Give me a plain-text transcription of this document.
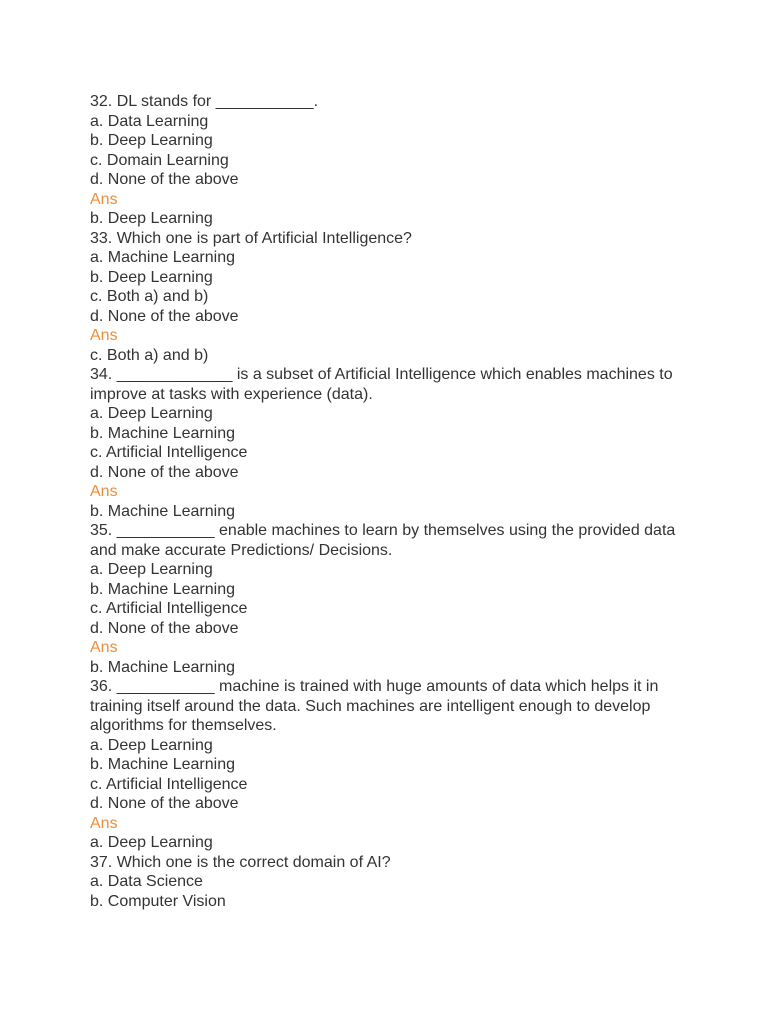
32. DL stands for ___________.

a. Data Learning

b. Deep Learning

c. Domain Learning

d. None of the above

Ans

b. Deep Learning

33. Which one is part of Artificial Intelligence?

a. Machine Learning

b. Deep Learning

c. Both a) and b)

d. None of the above

Ans

c. Both a) and b)

34. _____________ is a subset of Artificial Intelligence which enables machines to improve at tasks with experience (data).

a. Deep Learning

b. Machine Learning

c. Artificial Intelligence

d. None of the above

Ans

b. Machine Learning

35. ___________ enable machines to learn by themselves using the provided data and make accurate Predictions/ Decisions.

a. Deep Learning

b. Machine Learning

c. Artificial Intelligence

d. None of the above

Ans

b. Machine Learning

36. ___________ machine is trained with huge amounts of data which helps it in training itself around the data. Such machines are intelligent enough to develop algorithms for themselves.

a. Deep Learning

b. Machine Learning

c. Artificial Intelligence

d. None of the above

Ans

a. Deep Learning

37. Which one is the correct domain of AI?

a. Data Science

b. Computer Vision
